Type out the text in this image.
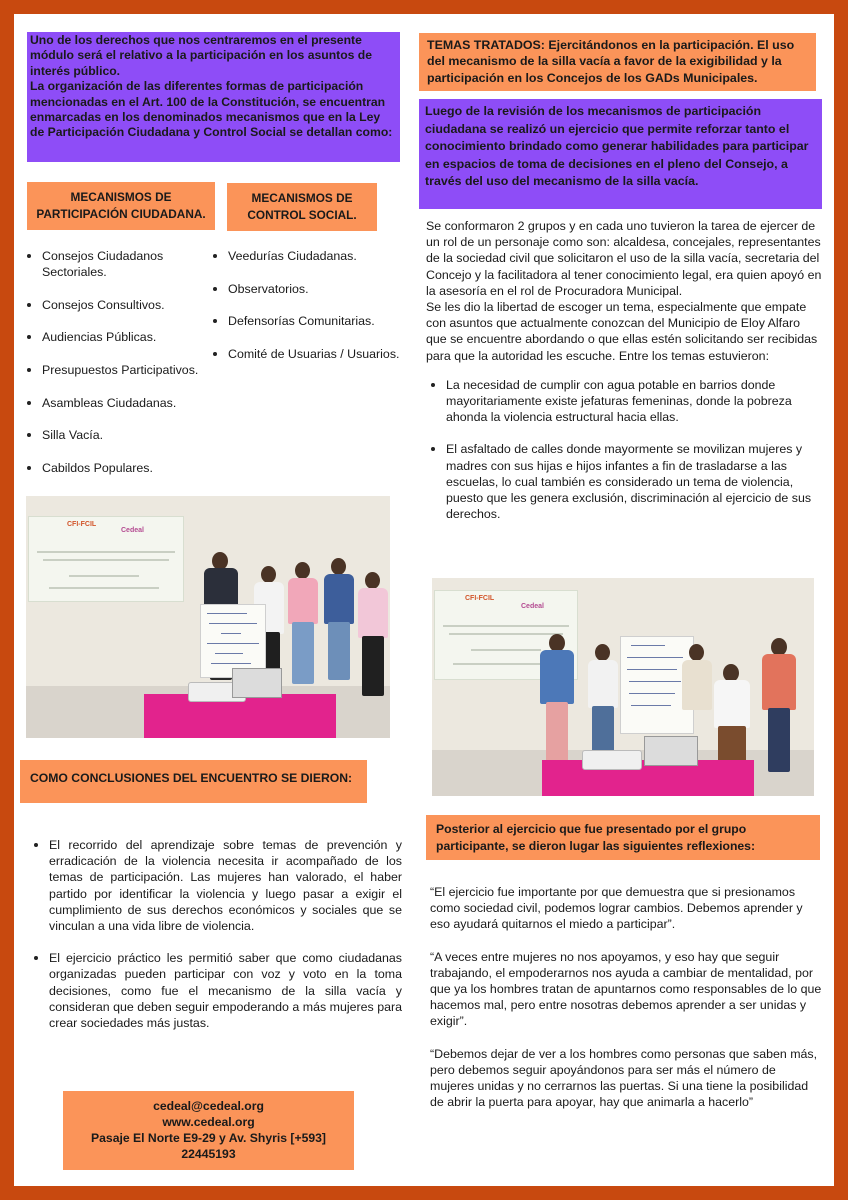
Uno de los derechos que nos centraremos en el presente módulo será el relativo a la participación en los asuntos de interés público.
La organización de las diferentes formas de participación mencionadas en el Art. 100 de la Constitución, se encuentran enmarcadas en los denominados mecanismos que en la Ley de Participación Ciudadana y Control Social se detallan como:
TEMAS TRATADOS: Ejercitándonos en la participación. El uso del mecanismo de la silla vacía a favor de la exigibilidad y la participación en los Concejos de los GADs Municipales.
Luego de la revisión de los mecanismos de participación ciudadana se realizó un ejercicio que permite reforzar tanto el conocimiento brindado como generar habilidades para participar en espacios de toma de decisiones en el pleno del Consejo, a través del uso del mecanismo de la silla vacía.
MECANISMOS DE PARTICIPACIÓN CIUDADANA.
MECANISMOS DE CONTROL SOCIAL.
Consejos Ciudadanos Sectoriales.
Consejos Consultivos.
Audiencias Públicas.
Presupuestos Participativos.
Asambleas Ciudadanas.
Silla Vacía.
Cabildos Populares.
Veedurías Ciudadanas.
Observatorios.
Defensorías Comunitarias.
Comité de Usuarias / Usuarios.
Se conformaron 2 grupos y en cada uno tuvieron la tarea de ejercer de un rol de un personaje como son: alcaldesa, concejales, representantes de la sociedad civil que solicitaron el uso de la silla vacía, secretaria del Concejo y la facilitadora al tener conocimiento legal, era quien apoyó en la asesoría en el rol de Procuradora Municipal.
Se les dio la libertad de escoger un tema, especialmente que empate con asuntos que actualmente conozcan del Municipio de Eloy Alfaro que se encuentre abordando o que ellas estén solicitando ser recibidas para que la autoridad les escuche. Entre los temas estuvieron:
La necesidad de cumplir con agua potable en barrios donde mayoritariamente existe jefaturas femeninas, donde la pobreza ahonda la violencia estructural hacia ellas.
El asfaltado de calles donde mayormente se movilizan mujeres y madres con sus hijas e hijos infantes a fin de trasladarse a las escuelas, lo cual también es considerado un tema de violencia, puesto que les genera exclusión, discriminación al ejercicio de sus derechos.
CFI-FCIL
Cedeal
CFI-FCIL
Cedeal
COMO CONCLUSIONES DEL ENCUENTRO SE DIERON:
El recorrido del aprendizaje sobre temas de prevención y erradicación de la violencia necesita ir acompañado de los temas de participación. Las mujeres han valorado, el haber partido por identificar la violencia y luego pasar a exigir el cumplimiento de sus derechos económicos y sociales que se vinculan a una vida libre de violencia.
El ejercicio práctico les permitió saber que como ciudadanas organizadas pueden participar con voz y voto en la toma decisiones, como fue el mecanismo de la silla vacía y consideran que deben seguir empoderando a más mujeres para crear sociedades más justas.
Posterior al ejercicio que fue presentado por el grupo participante, se dieron lugar las siguientes reflexiones:
“El ejercicio fue importante por que demuestra que si presionamos como sociedad civil, podemos lograr cambios. Debemos aprender y eso ayudará quitarnos el miedo a participar”.
“A veces entre mujeres no nos apoyamos, y eso hay que seguir trabajando, el empoderarnos nos ayuda a cambiar de mentalidad, por que ya los hombres tratan de apuntarnos como responsables de lo que hacemos mal, pero entre nosotras debemos aprender a ser unidas y exigir”.
“Debemos dejar de ver a los hombres como personas que saben más, pero debemos seguir apoyándonos para ser más el número de mujeres unidas y no cerrarnos las puertas. Si una tiene la posibilidad de abrir la puerta para apoyar, hay que animarla a hacerlo”
cedeal@cedeal.org
www.cedeal.org
Pasaje El Norte E9-29 y Av. Shyris [+593]
22445193
